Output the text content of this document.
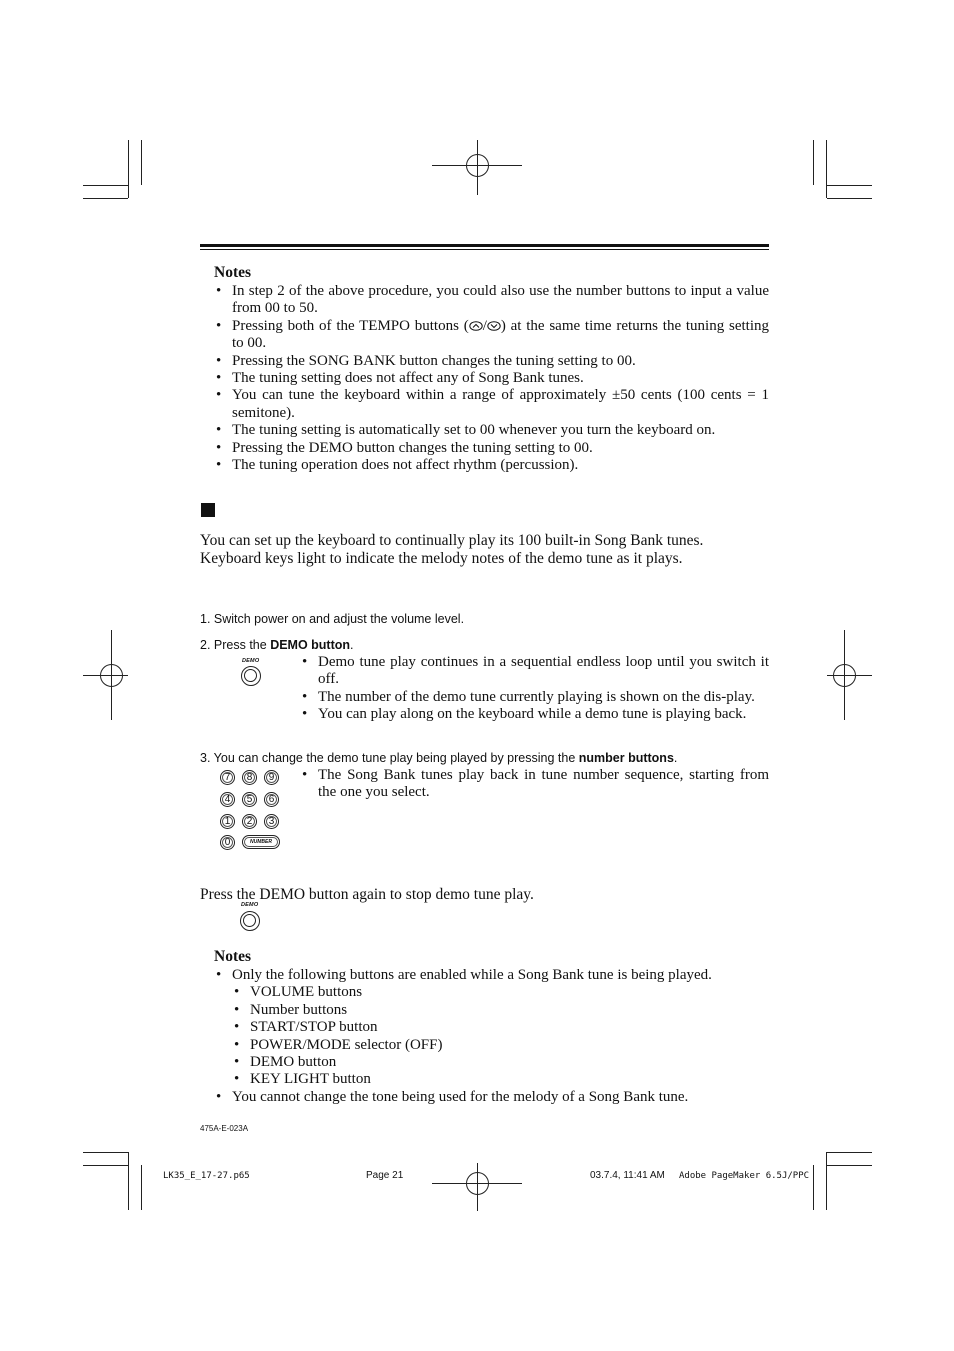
Notes
• In step 2 of the above procedure, you could also use the number buttons to input a value from 00 to 50.
• Pressing both of the TEMPO buttons ( / ) at the same time returns the tuning setting to 00.
• Pressing the SONG BANK button changes the tuning setting to 00.
• The tuning setting does not affect any of Song Bank tunes.
• You can tune the keyboard within a range of approximately ±50 cents (100 cents = 1 semitone).
• The tuning setting is automatically set to 00 whenever you turn the keyboard on.
• Pressing the DEMO button changes the tuning setting to 00.
• The tuning operation does not affect rhythm (percussion).
You can set up the keyboard to continually play its 100 built-in Song Bank tunes.
Keyboard keys light to indicate the melody notes of the demo tune as it plays.
1. Switch power on and adjust the volume level.
2. Press the DEMO button.
DEMO
•	Demo tune play continues in a sequential endless loop until you switch it off.
• The number of the demo tune currently playing is shown on the dis-play.
• You can play along on the keyboard while a demo tune is playing back.
3. You can change the demo tune play being played by pressing the number buttons.
7	8	9
4	5	6
1	2	3
0	NUMBER
• The Song Bank tunes play back in tune number sequence, starting from the one you select.
Press the DEMO button again to stop demo tune play.
DEMO
Notes
• Only the following buttons are enabled while a Song Bank tune is being played.
• VOLUME buttons
• Number buttons
• START/STOP button
• POWER/MODE selector (OFF)
• DEMO button
• KEY LIGHT button
• You cannot change the tone being used for the melody of a Song Bank tune.
475A-E-023A
LK35_E_17-27.p65	Page 21	03.7.4, 11:41 AM Adobe PageMaker 6.5J/PPC
